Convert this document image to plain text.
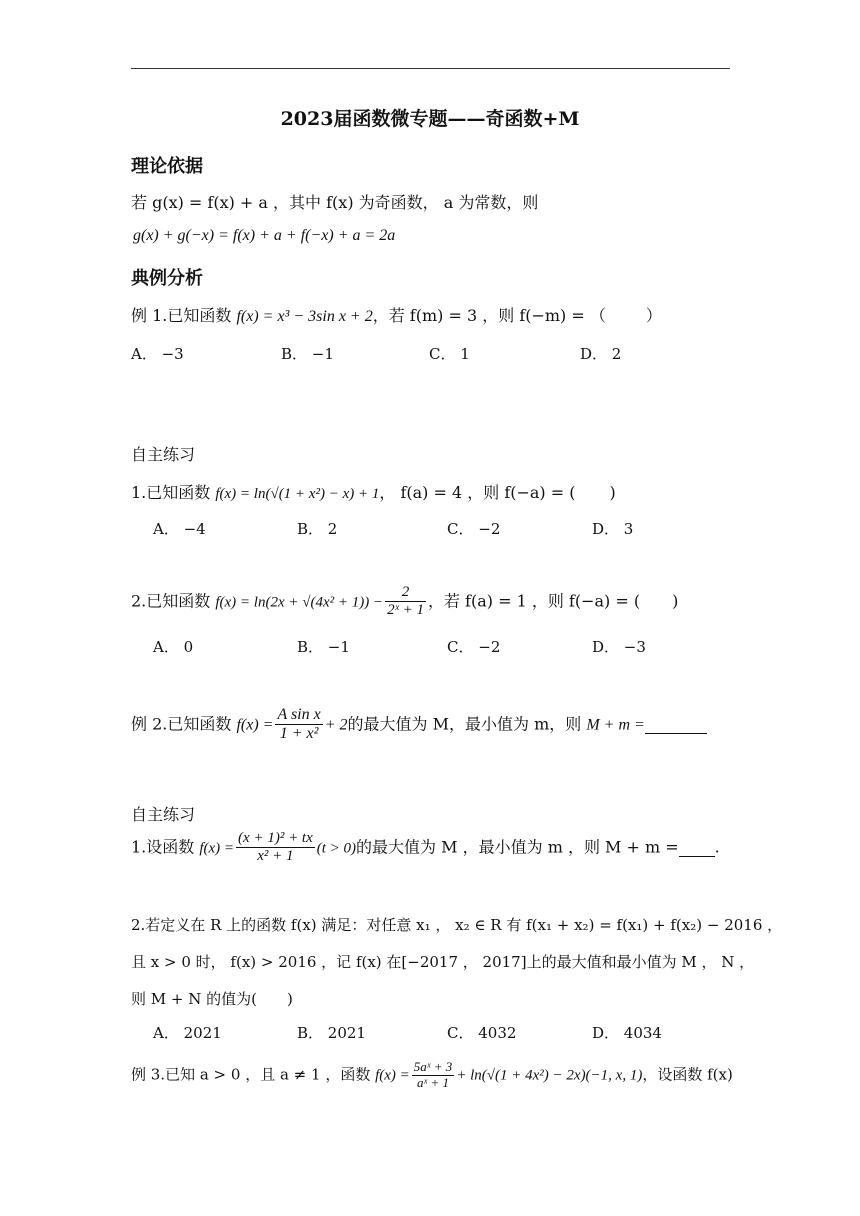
2023届函数微专题——奇函数+M
理论依据
若 g(x) = f(x) + a ，其中 f(x) 为奇函数， a 为常数，则
g(x) + g(−x) = f(x) + a + f(−x) + a = 2a
典例分析
例 1.已知函数 f(x) = x³ − 3sin x + 2，若 f(m) = 3 ，则 f(−m) = （	）
A． −3	B． −1	C． 1	D． 2
自主练习
1.已知函数 f(x) = ln(√(1 + x²) − x) + 1， f(a) = 4 ，则 f(−a) = ( )
A． −4	B． 2	C． −2	D． 3
2.已知函数 $f(x) = \ln(2x + √(4x^2 + 1)) - \frac{2}{\text{2ˣ + 1}}$ ，若 f(a) = 1 ，则 f(−a) = ( )
A． 0	B． −1	C． −2	D． −3
例 2.已知函数 $f(x) = \frac{\text{A sin x}}{\text{1 + x²}} + 2$的最大值为 M，最小值为 m，则 M + m =
自主练习
1.设函数 $f(x) = \frac{\text{(x + 1)² + tx}}{\text{x² + 1}} (t > 0)$的最大值为 M ，最小值为 m ，则 M + m = .
2.若定义在 R 上的函数 f(x) 满足：对任意 x₁ ， x₂ ∈ R 有 f(x₁ + x₂) = f(x₁) + f(x₂) − 2016 ，
且 x > 0 时， f(x) > 2016 ，记 f(x) 在[−2017 ， 2017]上的最大值和最小值为 M ， N ，
则 M + N 的值为( )
A． 2021	B． 2021	C． 4032	D． 4034
例 3.已知 a > 0 ，且 a ≠ 1 ，函数 $f(x) = \frac{\text{5aˣ + 3}}{\text{aˣ + 1}} + \ln(√(1 + 4x^2) - 2x)(-1$, x, 1)，设函数 f(x)
